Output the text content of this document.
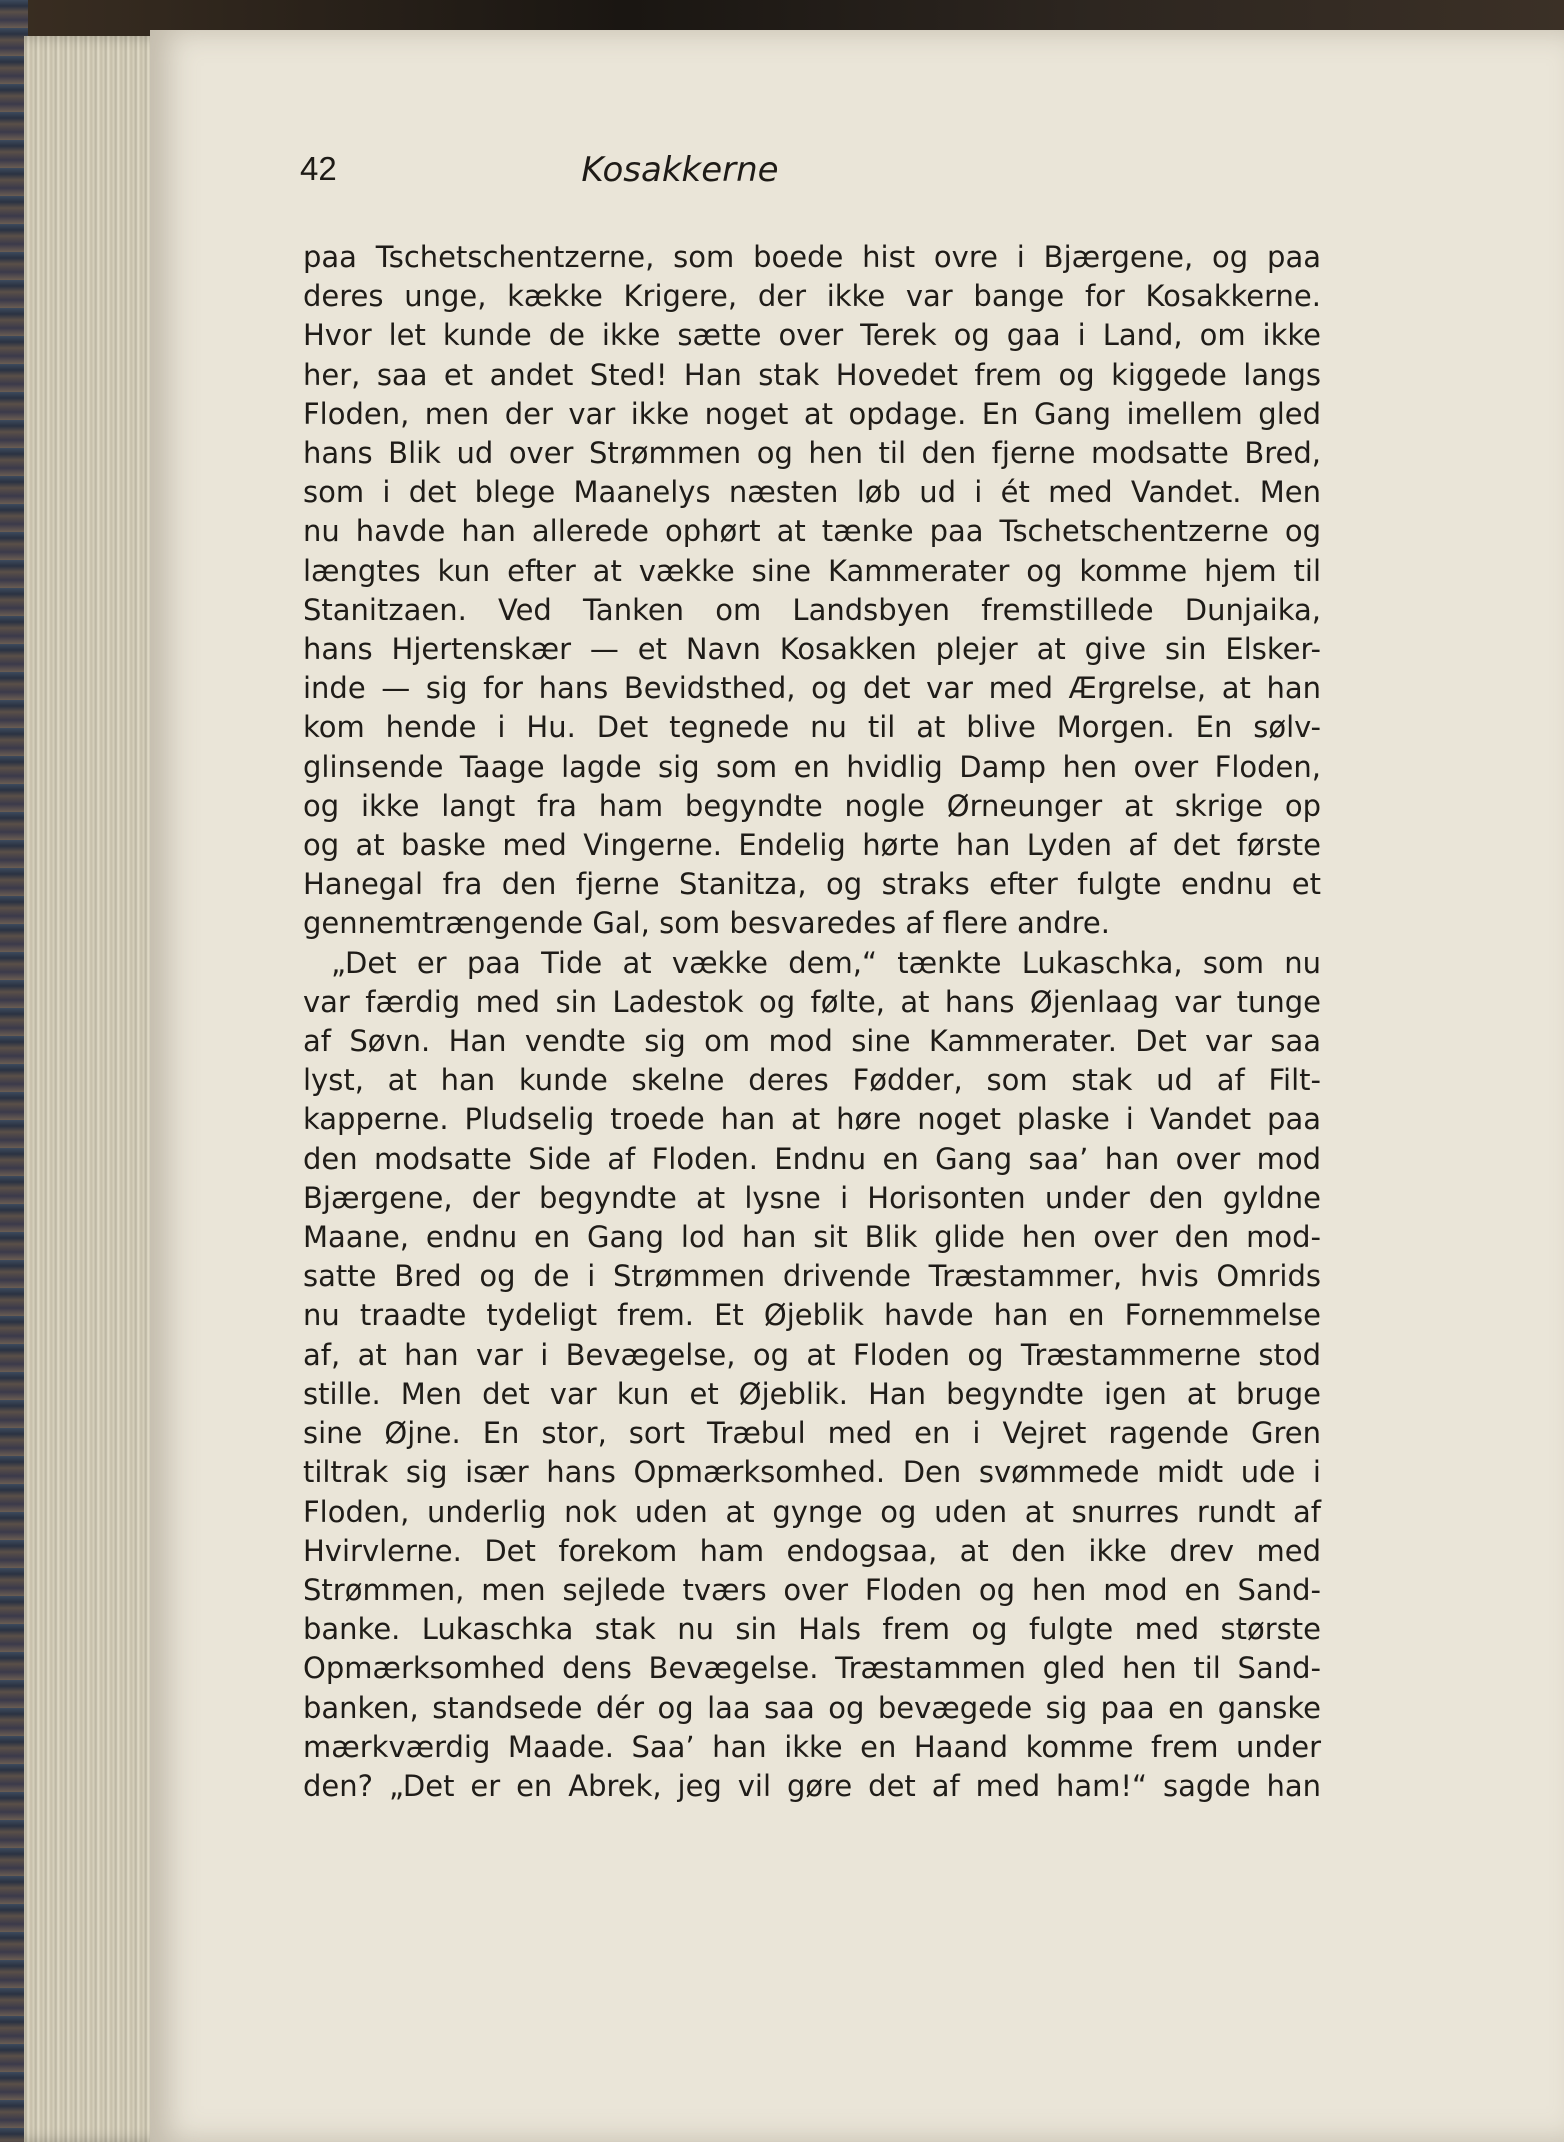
42	Kosakkerne
paa Tschetschentzerne, som boede hist ovre i Bjærgene, og paa
deres unge, kække Krigere, der ikke var bange for Kosakkerne.
Hvor let kunde de ikke sætte over Terek og gaa i Land, om ikke
her, saa et andet Sted! Han stak Hovedet frem og kiggede langs
Floden, men der var ikke noget at opdage. En Gang imellem gled
hans Blik ud over Strømmen og hen til den fjerne modsatte Bred,
som i det blege Maanelys næsten løb ud i ét med Vandet. Men
nu havde han allerede ophørt at tænke paa Tschetschentzerne og
længtes kun efter at vække sine Kammerater og komme hjem til
Stanitzaen. Ved Tanken om Landsbyen fremstillede Dunjaika,
hans Hjertenskær — et Navn Kosakken plejer at give sin Elsker-
inde — sig for hans Bevidsthed, og det var med Ærgrelse, at han
kom hende i Hu. Det tegnede nu til at blive Morgen. En sølv-
glinsende Taage lagde sig som en hvidlig Damp hen over Floden,
og ikke langt fra ham begyndte nogle Ørneunger at skrige op
og at baske med Vingerne. Endelig hørte han Lyden af det første
Hanegal fra den fjerne Stanitza, og straks efter fulgte endnu et
gennemtrængende Gal, som besvaredes af flere andre.
„Det er paa Tide at vække dem,“ tænkte Lukaschka, som nu
var færdig med sin Ladestok og følte, at hans Øjenlaag var tunge
af Søvn. Han vendte sig om mod sine Kammerater. Det var saa
lyst, at han kunde skelne deres Fødder, som stak ud af Filt-
kapperne. Pludselig troede han at høre noget plaske i Vandet paa
den modsatte Side af Floden. Endnu en Gang saa’ han over mod
Bjærgene, der begyndte at lysne i Horisonten under den gyldne
Maane, endnu en Gang lod han sit Blik glide hen over den mod-
satte Bred og de i Strømmen drivende Træstammer, hvis Omrids
nu traadte tydeligt frem. Et Øjeblik havde han en Fornemmelse
af, at han var i Bevægelse, og at Floden og Træstammerne stod
stille. Men det var kun et Øjeblik. Han begyndte igen at bruge
sine Øjne. En stor, sort Træbul med en i Vejret ragende Gren
tiltrak sig især hans Opmærksomhed. Den svømmede midt ude i
Floden, underlig nok uden at gynge og uden at snurres rundt af
Hvirvlerne. Det forekom ham endogsaa, at den ikke drev med
Strømmen, men sejlede tværs over Floden og hen mod en Sand-
banke. Lukaschka stak nu sin Hals frem og fulgte med største
Opmærksomhed dens Bevægelse. Træstammen gled hen til Sand-
banken, standsede dér og laa saa og bevægede sig paa en ganske
mærkværdig Maade. Saa’ han ikke en Haand komme frem under
den? „Det er en Abrek, jeg vil gøre det af med ham!“ sagde han
